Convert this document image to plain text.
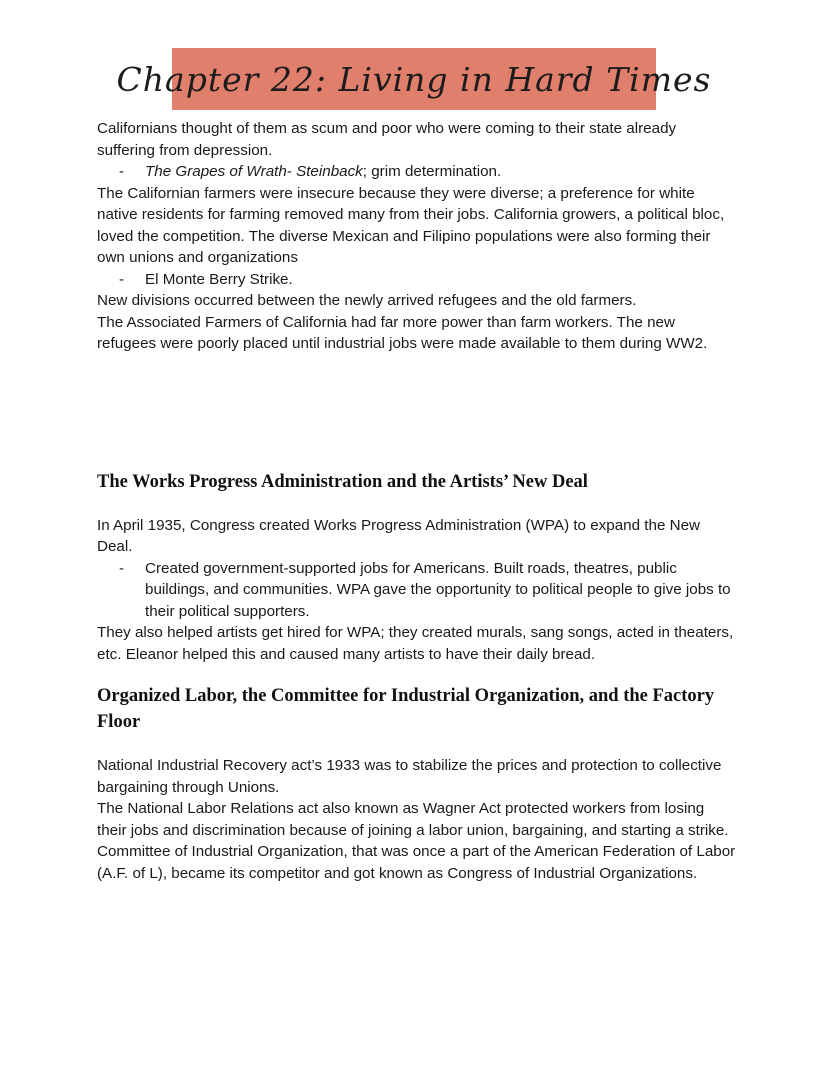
Chapter 22: Living in Hard Times

Californians thought of them as scum and poor who were coming to their state already suffering from depression.

-	The Grapes of Wrath- Steinback; grim determination.

The Californian farmers were insecure because they were diverse; a preference for white native residents for farming removed many from their jobs. California growers, a political bloc, loved the competition. The diverse Mexican and Filipino populations were also forming their own unions and organizations

-	El Monte Berry Strike.

New divisions occurred between the newly arrived refugees and the old farmers.

The Associated Farmers of California had far more power than farm workers. The new refugees were poorly placed until industrial jobs were made available to them during WW2.

The Works Progress Administration and the Artists’ New Deal

In April 1935, Congress created Works Progress Administration (WPA) to expand the New Deal.

-	Created government-supported jobs for Americans. Built roads, theatres, public buildings, and communities. WPA gave the opportunity to political people to give jobs to their political supporters.

They also helped artists get hired for WPA; they created murals, sang songs, acted in theaters, etc. Eleanor helped this and caused many artists to have their daily bread.

Organized Labor, the Committee for Industrial Organization, and the Factory Floor

National Industrial Recovery act’s 1933 was to stabilize the prices and protection to collective bargaining through Unions.

The National Labor Relations act also known as Wagner Act protected workers from losing their jobs and discrimination because of joining a labor union, bargaining, and starting a strike.

Committee of Industrial Organization, that was once a part of the American Federation of Labor (A.F. of L), became its competitor and got known as Congress of Industrial Organizations.
